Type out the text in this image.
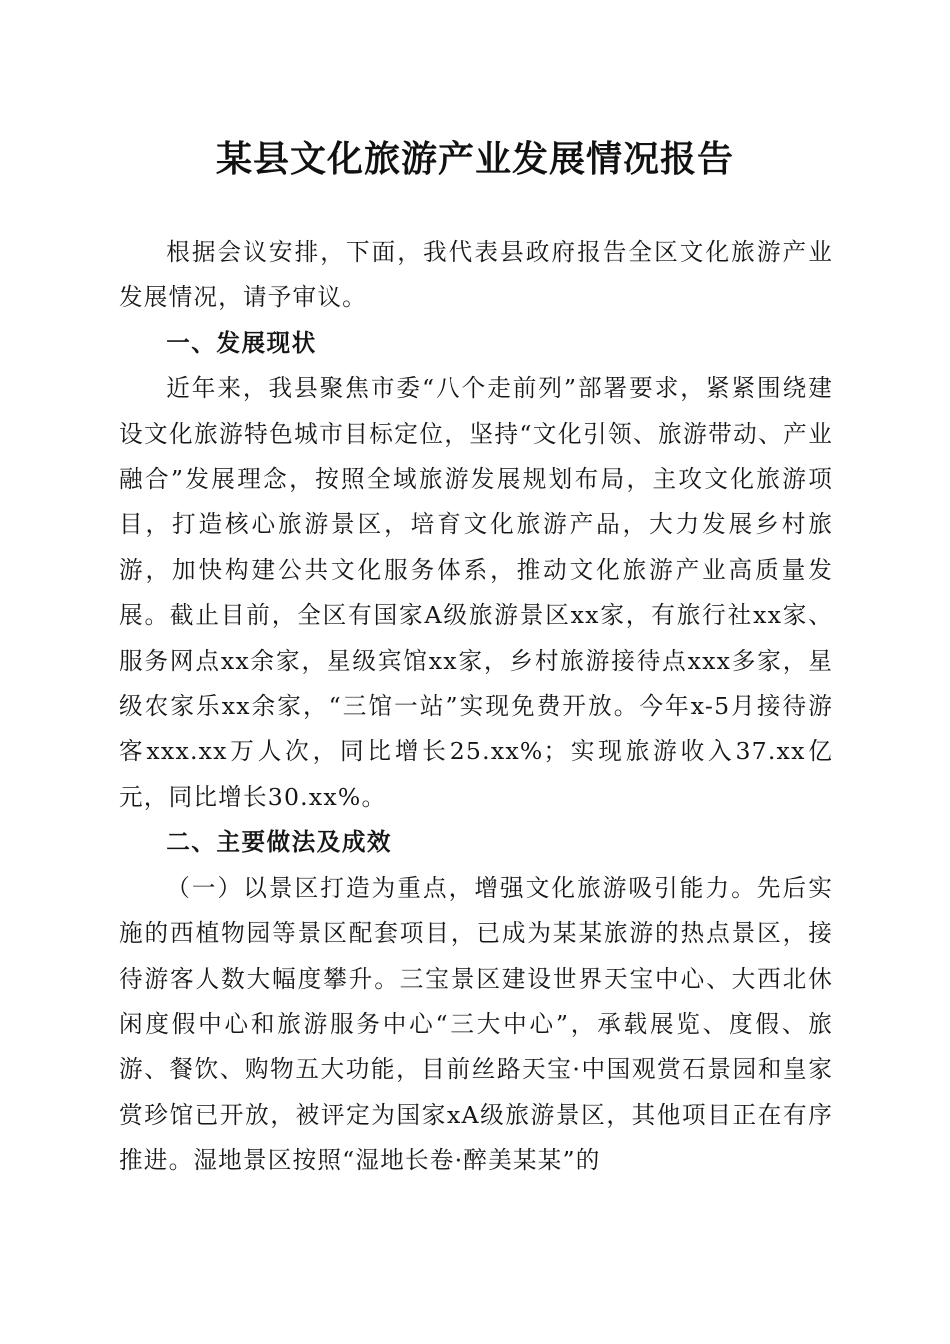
某县文化旅游产业发展情况报告

根据会议安排，下面，我代表县政府报告全区文化旅游产业发展情况，请予审议。

一、发展现状

近年来，我县聚焦市委“八个走前列”部署要求，紧紧围绕建设文化旅游特色城市目标定位，坚持“文化引领、旅游带动、产业融合”发展理念，按照全域旅游发展规划布局，主攻文化旅游项目，打造核心旅游景区，培育文化旅游产品，大力发展乡村旅游，加快构建公共文化服务体系，推动文化旅游产业高质量发展。截止目前，全区有国家A级旅游景区xx家，有旅行社xx家、服务网点xx余家，星级宾馆xx家，乡村旅游接待点xxx多家，星级农家乐xx余家，“三馆一站”实现免费开放。今年x-5月接待游客xxx.xx万人次，同比增长25.xx%；实现旅游收入37.xx亿元，同比增长30.xx%。

二、主要做法及成效

（一）以景区打造为重点，增强文化旅游吸引能力。先后实施的西植物园等景区配套项目，已成为某某旅游的热点景区，接待游客人数大幅度攀升。三宝景区建设世界天宝中心、大西北休闲度假中心和旅游服务中心“三大中心”，承载展览、度假、旅游、餐饮、购物五大功能，目前丝路天宝·中国观赏石景园和皇家赏珍馆已开放，被评定为国家xA级旅游景区，其他项目正在有序推进。湿地景区按照“湿地长卷·醉美某某”的
